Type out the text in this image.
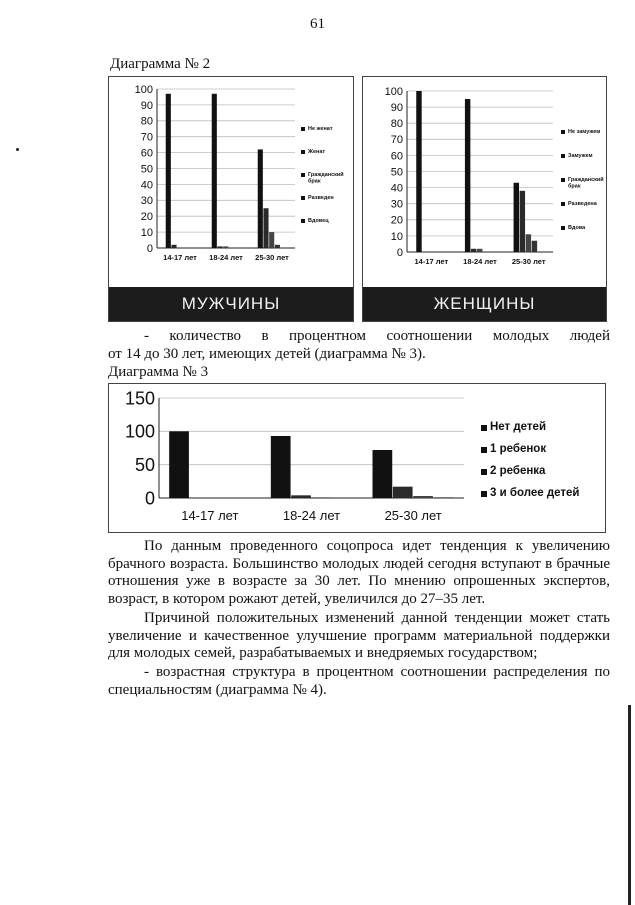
61
Диаграмма № 2
0
10
20
30
40
50
60
70
80
90
100
14-17 лет 18-24 лет 25-30 лет
Не женат
Женат
Гражданский
брак
Разведен
Вдовец
МУЖЧИНЫ
0
10
20
30
40
50
60
70
80
90
100
14-17 лет 18-24 лет 25-30 лет
Не замужем
Замужем
Гражданский
брак
Разведена
Вдова
ЖЕНЩИНЫ
- количество в процентном соотношении молодых людей
от 14 до 30 лет, имеющих детей (диаграмма № 3).
Диаграмма № 3
0
50
100
150
14-17 лет	18-24 лет	25-30 лет
Нет детей
1 ребенок
2 ребенка
3 и более детей

По данным проведенного соцопроса идет тенденция к увеличению брачного возраста. Большинство молодых людей сегодня вступают в брачные отношения уже в возрасте за 30 лет. По мнению опрошенных экспертов, возраст, в котором рожают детей, увеличился до 27–35 лет.

Причиной положительных изменений данной тенденции может стать увеличение и качественное улучшение программ материальной поддержки для молодых семей, разрабатываемых и внедряемых государством;

- возрастная структура в процентном соотношении распределения по специальностям (диаграмма № 4).
